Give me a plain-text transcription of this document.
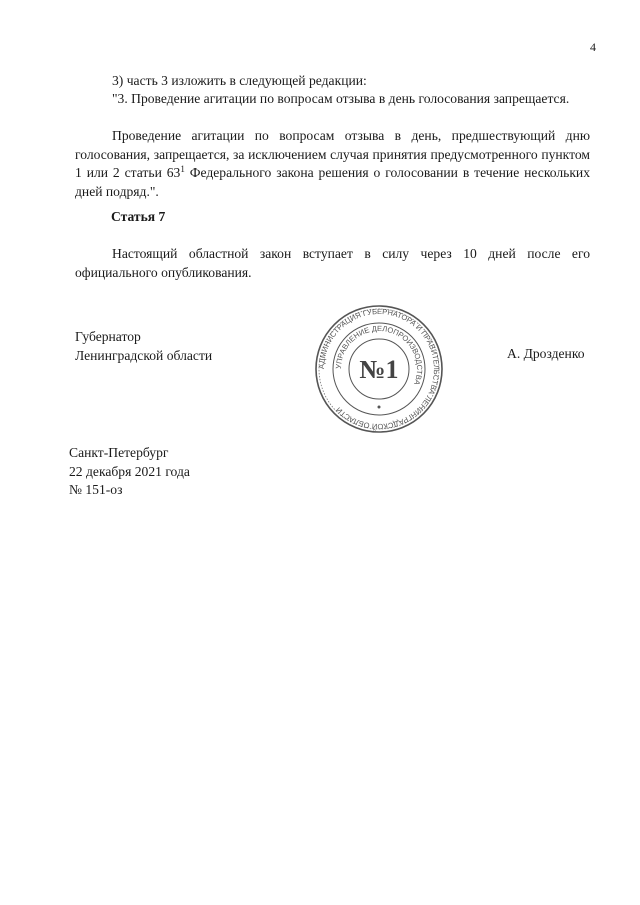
4

3) часть 3 изложить в следующей редакции:

"3. Проведение агитации по вопросам отзыва в день голосования запрещается.

Проведение агитации по вопросам отзыва в день, предшествующий дню голосования, запрещается, за исключением случая принятия предусмотренного пунктом 1 или 2 статьи $63^1$ Федерального закона решения о голосовании в течение нескольких дней подряд.".

Статья 7

Настоящий областной закон вступает в силу через 10 дней после его официального опубликования.

Губернатор
Ленинградской области
АДМИНИСТРАЦИЯ ГУБЕРНАТОРА И ПРАВИТЕЛЬСТВА ЛЕНИНГРАДСКОЙ ОБЛАСТИ
УПРАВЛЕНИЕ ДЕЛОПРОИЗВОДСТВА
№1
А. Дрозденко
Санкт-Петербург
22 декабря 2021 года
№ 151-оз
